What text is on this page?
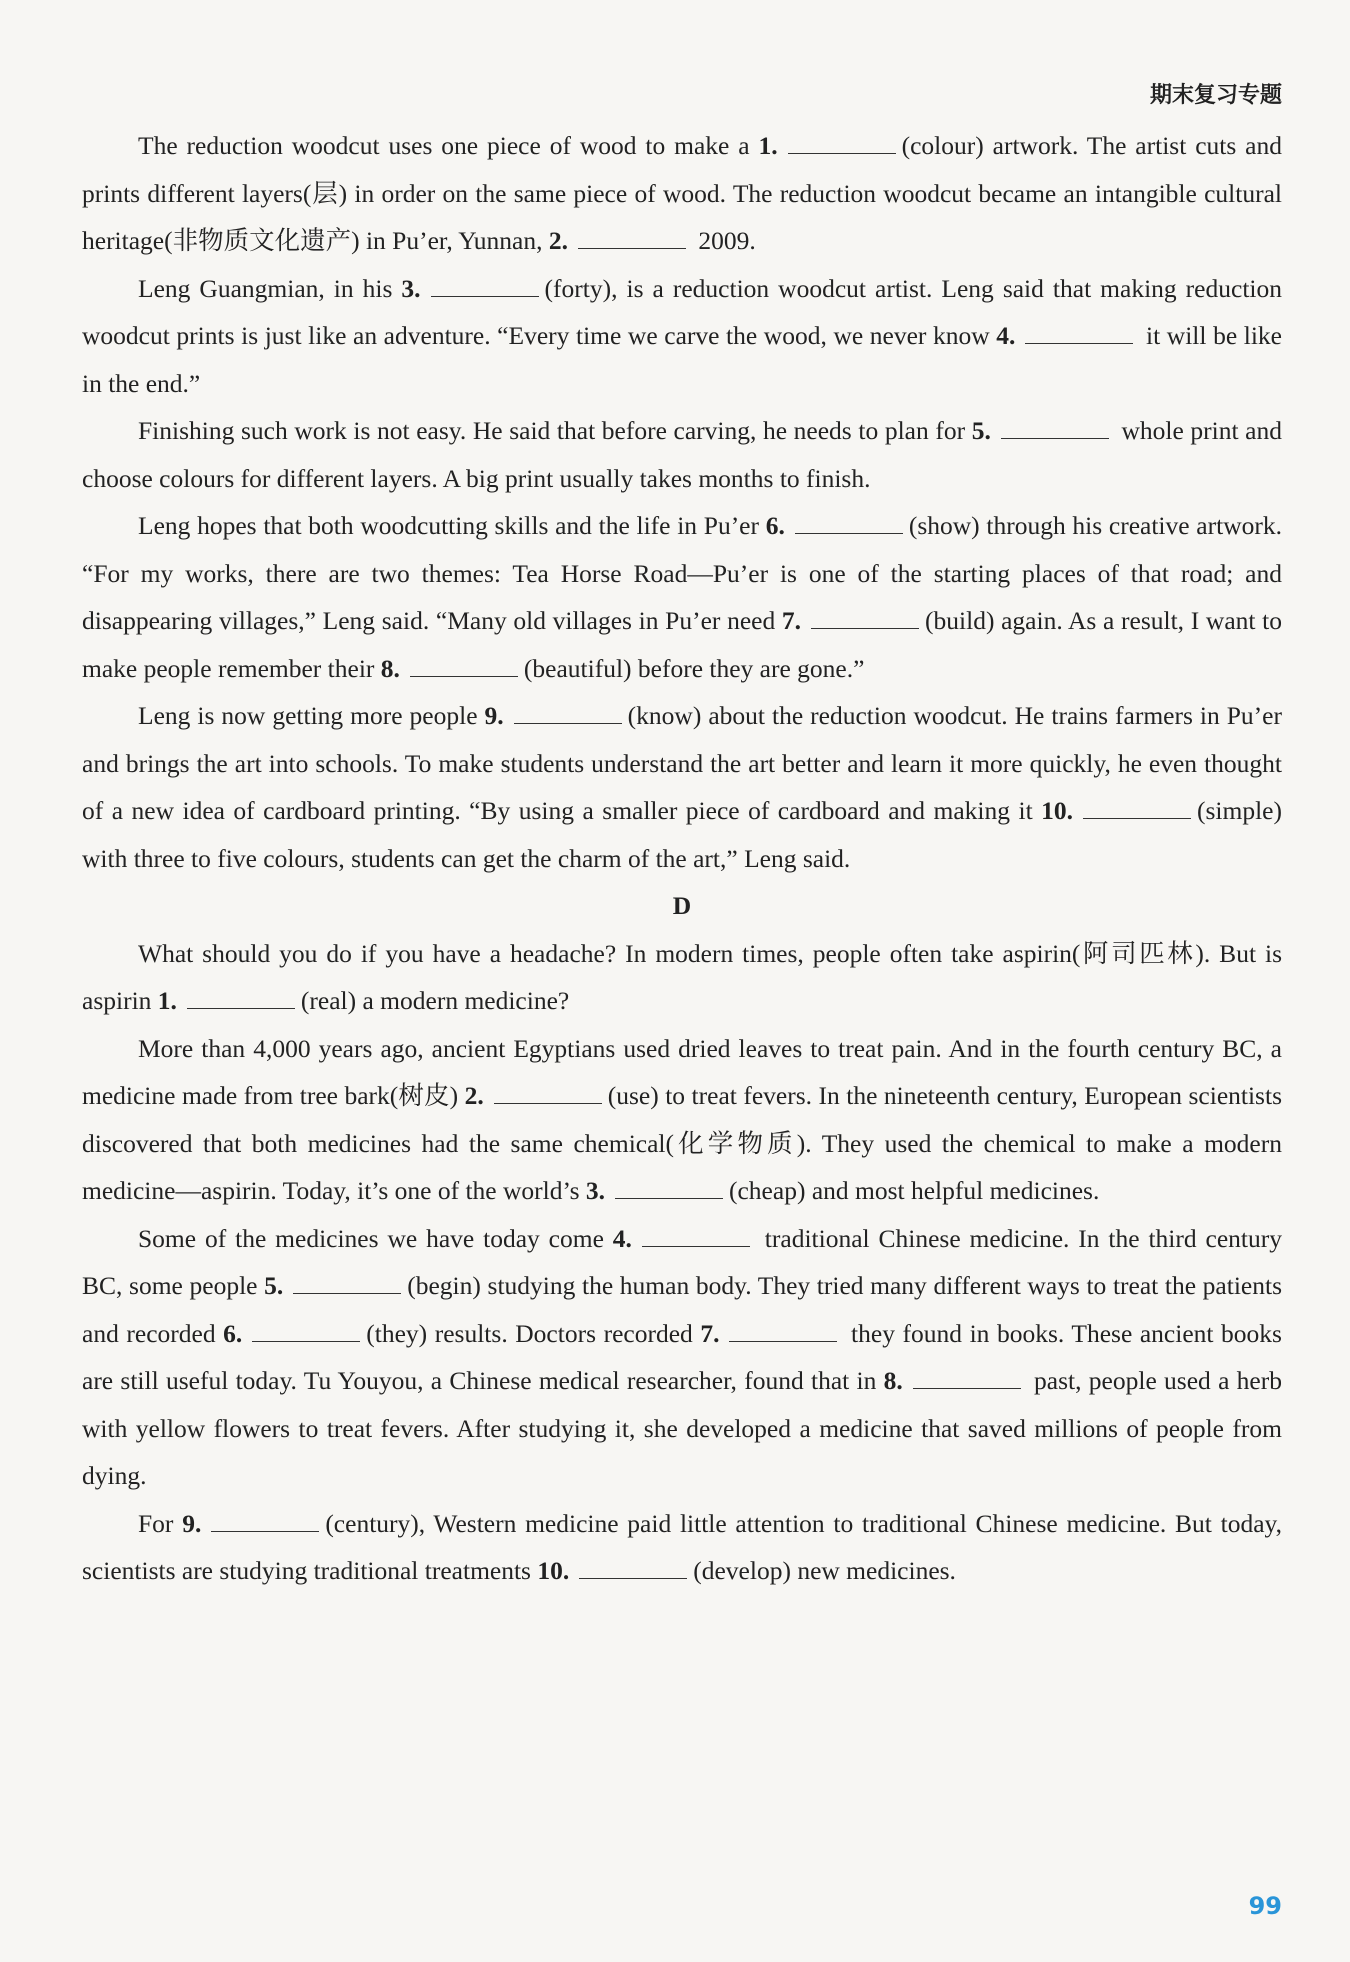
期末复习专题

The reduction woodcut uses one piece of wood to make a 1.	(colour) artwork. The artist cuts and prints different layers(层) in order on the same piece of wood. The reduction woodcut became an intangible cultural heritage(非物质文化遗产) in Pu’er, Yunnan, 2.	2009.

Leng Guangmian, in his 3.	(forty), is a reduction woodcut artist. Leng said that making reduction woodcut prints is just like an adventure. “Every time we carve the wood, we never know 4.	it will be like in the end.”

Finishing such work is not easy. He said that before carving, he needs to plan for 5.	whole print and choose colours for different layers. A big print usually takes months to finish.

Leng hopes that both woodcutting skills and the life in Pu’er 6.	(show) through his creative artwork. “For my works, there are two themes: Tea Horse Road—Pu’er is one of the starting places of that road; and disappearing villages,” Leng said. “Many old villages in Pu’er need 7.	(build) again. As a result, I want to make people remember their 8.	(beautiful) before they are gone.”

Leng is now getting more people 9.	(know) about the reduction woodcut. He trains farmers in Pu’er and brings the art into schools. To make students understand the art better and learn it more quickly, he even thought of a new idea of cardboard printing. “By using a smaller piece of cardboard and making it 10.	(simple) with three to five colours, students can get the charm of the art,” Leng said.

D

What should you do if you have a headache? In modern times, people often take aspirin(阿司匹林). But is aspirin 1.	(real) a modern medicine?

More than 4,000 years ago, ancient Egyptians used dried leaves to treat pain. And in the fourth century BC, a medicine made from tree bark(树皮) 2.	(use) to treat fevers. In the nineteenth century, European scientists discovered that both medicines had the same chemical(化学物质). They used the chemical to make a modern medicine—aspirin. Today, it’s one of the world’s 3.	(cheap) and most helpful medicines.

Some of the medicines we have today come 4.	traditional Chinese medicine. In the third century BC, some people 5.	(begin) studying the human body. They tried many different ways to treat the patients and recorded 6.	(they) results. Doctors recorded 7.	they found in books. These ancient books are still useful today. Tu Youyou, a Chinese medical researcher, found that in 8.	past, people used a herb with yellow flowers to treat fevers. After studying it, she developed a medicine that saved millions of people from dying.

For 9.	(century), Western medicine paid little attention to traditional Chinese medicine. But today, scientists are studying traditional treatments 10.	(develop) new medicines.

99
